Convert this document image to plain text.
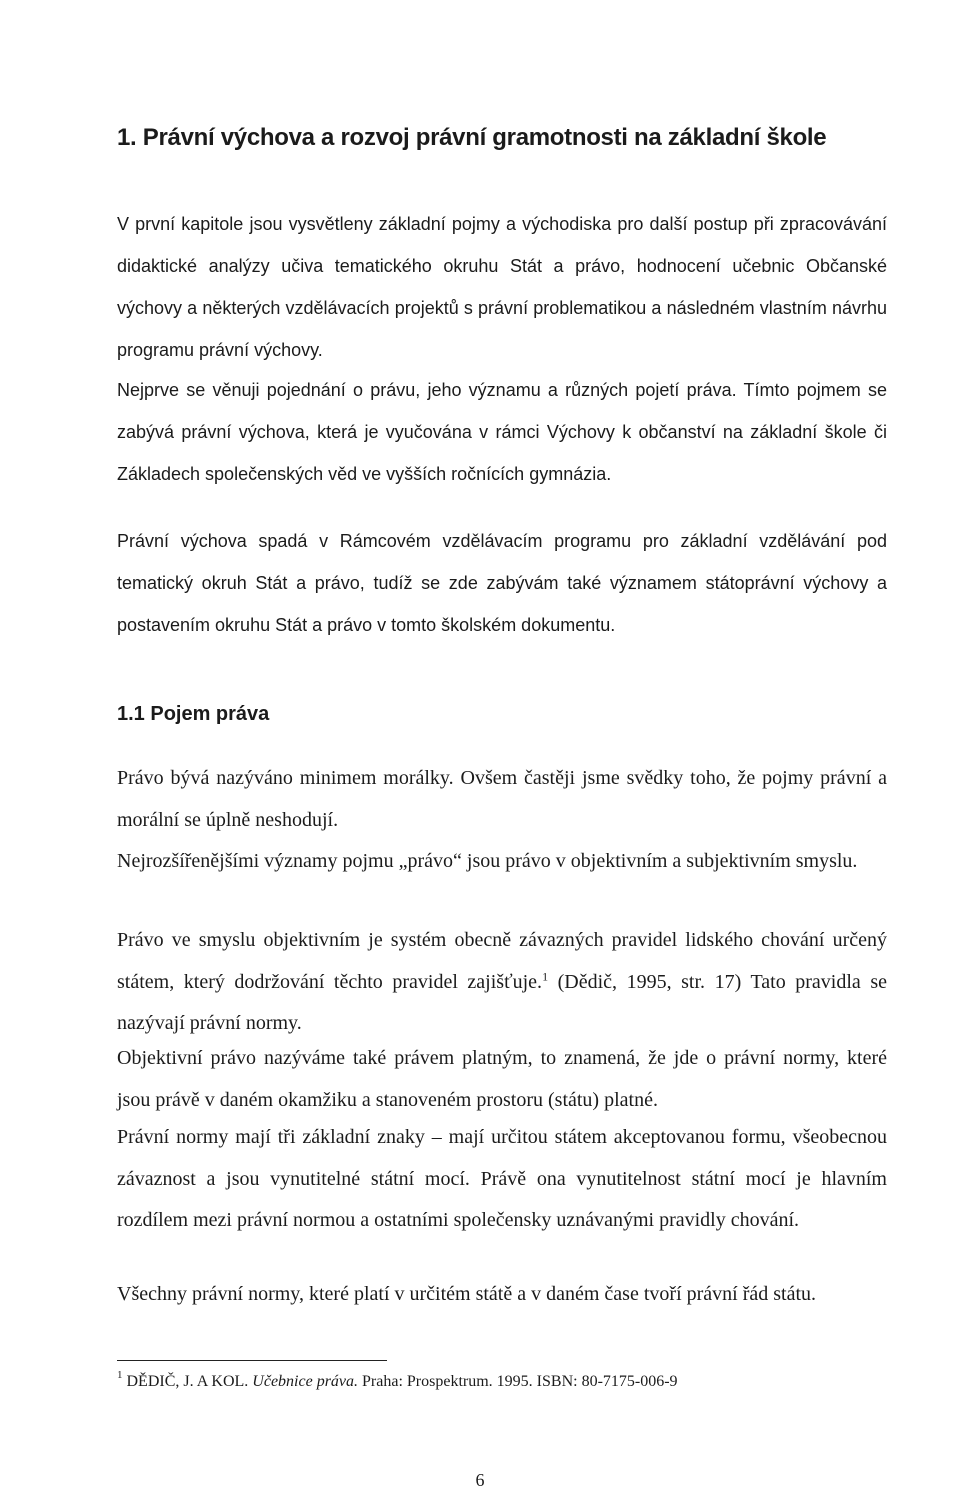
1. Právní výchova a rozvoj právní gramotnosti na základní škole

V první kapitole jsou vysvětleny základní pojmy a východiska pro další postup při zpracovávání didaktické analýzy učiva tematického okruhu Stát a právo, hodnocení učebnic Občanské výchovy a některých vzdělávacích projektů s právní problematikou a následném vlastním návrhu programu právní výchovy.

Nejprve se věnuji pojednání o právu, jeho významu a různých pojetí práva. Tímto pojmem se zabývá právní výchova, která je vyučována v rámci Výchovy k občanství na základní škole či Základech společenských věd ve vyšších ročnících gymnázia.

Právní výchova spadá v Rámcovém vzdělávacím programu pro základní vzdělávání pod tematický okruh Stát a právo, tudíž se zde zabývám také významem státoprávní výchovy a postavením okruhu Stát a právo v tomto školském dokumentu.

1.1 Pojem práva

Právo bývá nazýváno minimem morálky. Ovšem častěji jsme svědky toho, že pojmy právní a morální se úplně neshodují.

Nejrozšířenějšími významy pojmu „právo“ jsou právo v objektivním a subjektivním smyslu.

Právo ve smyslu objektivním je systém obecně závazných pravidel lidského chování určený státem, který dodržování těchto pravidel zajišťuje.$^1$ (Dědič, 1995, str. 17) Tato pravidla se nazývají právní normy.

Objektivní právo nazýváme také právem platným, to znamená, že jde o právní normy, které jsou právě v daném okamžiku a stanoveném prostoru (státu) platné.

Právní normy mají tři základní znaky – mají určitou státem akceptovanou formu, všeobecnou závaznost a jsou vynutitelné státní mocí. Právě ona vynutitelnost státní mocí je hlavním rozdílem mezi právní normou a ostatními společensky uznávanými pravidly chování.

Všechny právní normy, které platí v určitém státě a v daném čase tvoří právní řád státu.

$^1$ DĚDIČ, J. A KOL. Učebnice práva. Praha: Prospektrum. 1995. ISBN: 80-7175-006-9

6
